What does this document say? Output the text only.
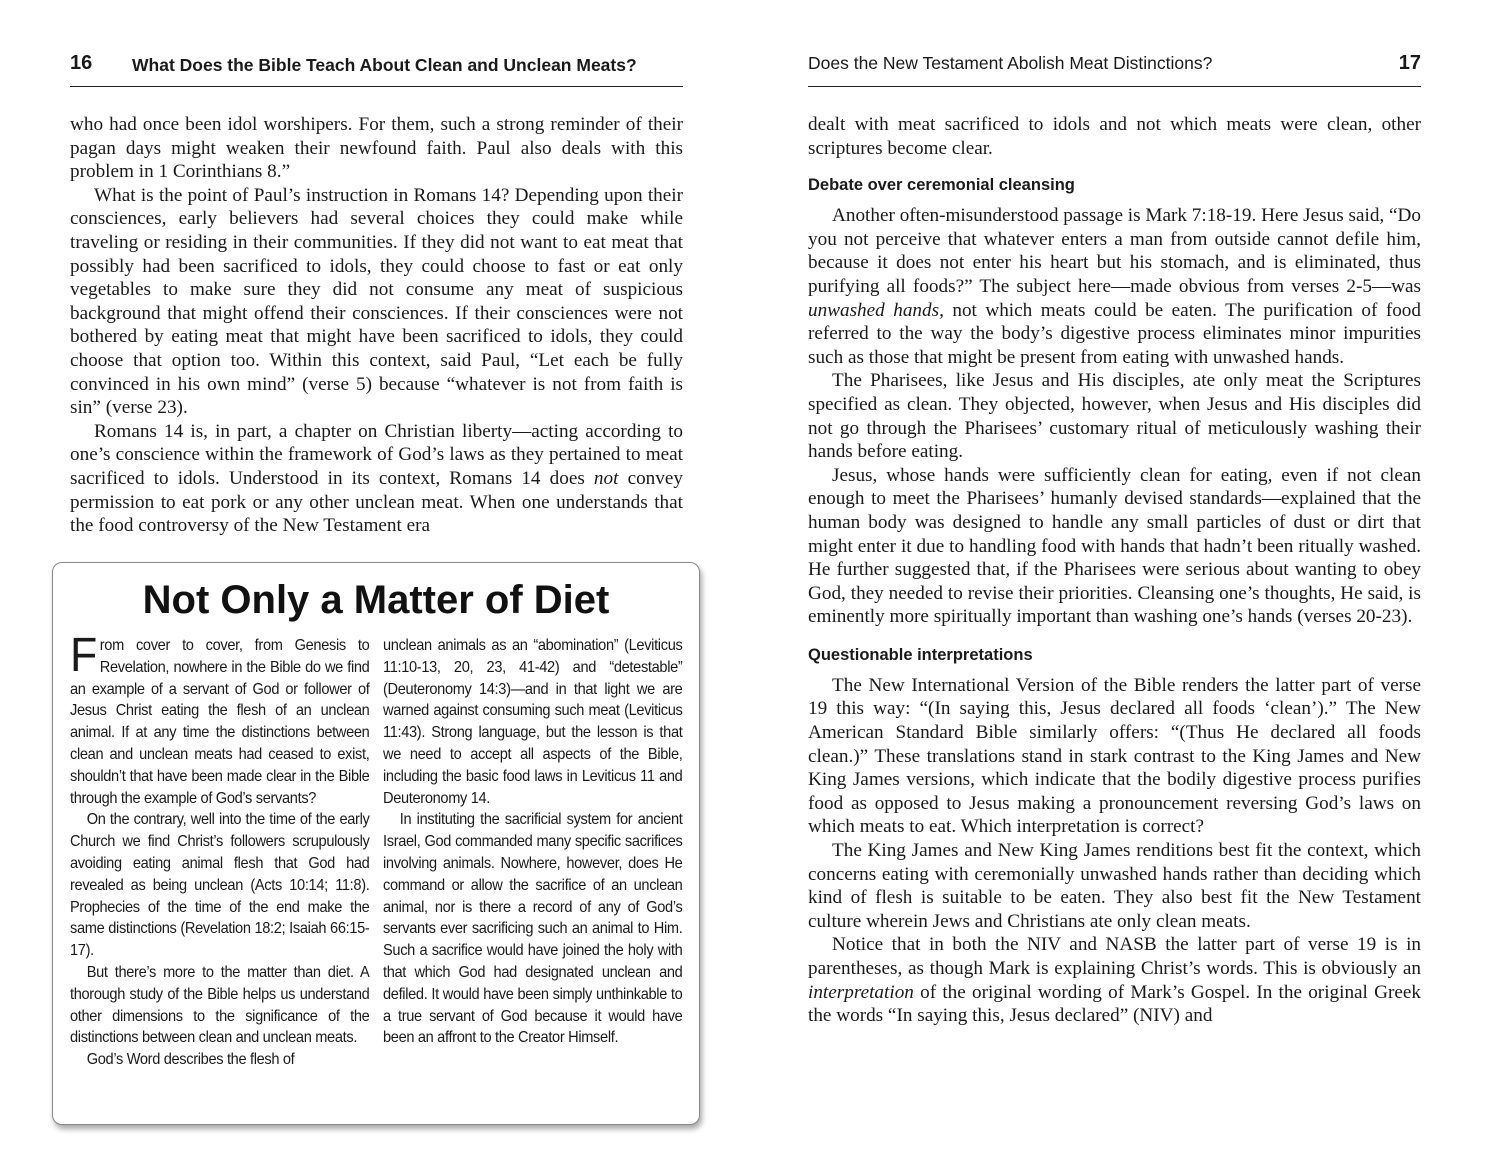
16 What Does the Bible Teach About Clean and Unclean Meats?

who had once been idol worshipers. For them, such a strong reminder of their pagan days might weaken their newfound faith. Paul also deals with this problem in 1 Corinthians 8.”

What is the point of Paul’s instruction in Romans 14? Depending upon their consciences, early believers had several choices they could make while traveling or residing in their communities. If they did not want to eat meat that possibly had been sacrificed to idols, they could choose to fast or eat only vegetables to make sure they did not consume any meat of suspicious background that might offend their consciences. If their consciences were not bothered by eating meat that might have been sacrificed to idols, they could choose that option too. Within this context, said Paul, “Let each be fully convinced in his own mind” (verse 5) because “whatever is not from faith is sin” (verse 23).

Romans 14 is, in part, a chapter on Christian liberty—acting according to one’s conscience within the framework of God’s laws as they pertained to meat sacrificed to idols. Understood in its context, Romans 14 does not convey permission to eat pork or any other unclean meat. When one understands that the food controversy of the New Testament era

Not Only a Matter of Diet

From cover to cover, from Genesis to Revelation, nowhere in the Bible do we find an example of a servant of God or follower of Jesus Christ eating the flesh of an unclean animal. If at any time the distinctions between clean and unclean meats had ceased to exist, shouldn’t that have been made clear in the Bible through the example of God’s servants?

On the contrary, well into the time of the early Church we find Christ’s followers scrupulously avoiding eating animal flesh that God had revealed as being unclean (Acts 10:14; 11:8). Prophecies of the time of the end make the same distinctions (Revelation 18:2; Isaiah 66:15-17).

But there’s more to the matter than diet. A thorough study of the Bible helps us understand other dimensions to the significance of the distinctions between clean and unclean meats.

God’s Word describes the flesh of

unclean animals as an “abomination” (Leviticus 11:10-13, 20, 23, 41-42) and “detestable” (Deuteronomy 14:3)—and in that light we are warned against consuming such meat (Leviticus 11:43). Strong language, but the lesson is that we need to accept all aspects of the Bible, including the basic food laws in Leviticus 11 and Deuteronomy 14.

In instituting the sacrificial system for ancient Israel, God commanded many specific sacrifices involving animals. Nowhere, however, does He command or allow the sacrifice of an unclean animal, nor is there a record of any of God’s servants ever sacrificing such an animal to Him. Such a sacrifice would have joined the holy with that which God had designated unclean and defiled. It would have been simply unthinkable to a true servant of God because it would have been an affront to the Creator Himself.

Does the New Testament Abolish Meat Distinctions?	17

dealt with meat sacrificed to idols and not which meats were clean, other scriptures become clear.

Debate over ceremonial cleansing

Another often-misunderstood passage is Mark 7:18-19. Here Jesus said, “Do you not perceive that whatever enters a man from outside cannot defile him, because it does not enter his heart but his stomach, and is eliminated, thus purifying all foods?” The subject here—made obvious from verses 2-5—was unwashed hands, not which meats could be eaten. The purification of food referred to the way the body’s digestive process eliminates minor impurities such as those that might be present from eating with unwashed hands.

The Pharisees, like Jesus and His disciples, ate only meat the Scriptures specified as clean. They objected, however, when Jesus and His disciples did not go through the Pharisees’ customary ritual of meticulously washing their hands before eating.

Jesus, whose hands were sufficiently clean for eating, even if not clean enough to meet the Pharisees’ humanly devised standards—explained that the human body was designed to handle any small particles of dust or dirt that might enter it due to handling food with hands that hadn’t been ritually washed. He further suggested that, if the Pharisees were serious about wanting to obey God, they needed to revise their priorities. Cleansing one’s thoughts, He said, is eminently more spiritually important than washing one’s hands (verses 20-23).

Questionable interpretations

The New International Version of the Bible renders the latter part of verse 19 this way: “(In saying this, Jesus declared all foods ‘clean’).” The New American Standard Bible similarly offers: “(Thus He declared all foods clean.)” These translations stand in stark contrast to the King James and New King James versions, which indicate that the bodily digestive process purifies food as opposed to Jesus making a pronouncement reversing God’s laws on which meats to eat. Which interpretation is correct?

The King James and New King James renditions best fit the context, which concerns eating with ceremonially unwashed hands rather than deciding which kind of flesh is suitable to be eaten. They also best fit the New Testament culture wherein Jews and Christians ate only clean meats.

Notice that in both the NIV and NASB the latter part of verse 19 is in parentheses, as though Mark is explaining Christ’s words. This is obviously an interpretation of the original wording of Mark’s Gospel. In the original Greek the words “In saying this, Jesus declared” (NIV) and
